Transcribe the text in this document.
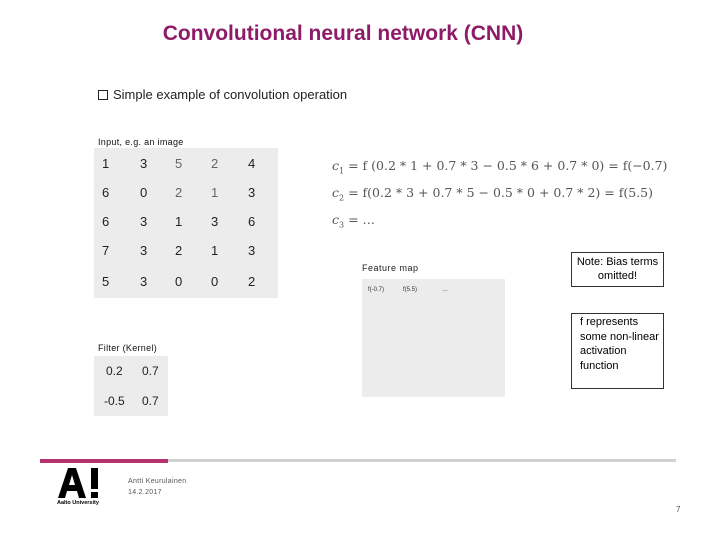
Convolutional neural network (CNN)
Simple example of convolution operation
Input, e.g. an image
1	3	5	2	4
6	0	2	1	3
6	3	1	3	6
7	3	2	1	3
5	3	0	0	2
$c_1 = f$ (0.2 * 1 + 0.7 * 3 − 0.5 * 6 + 0.7 * 0) = f(−0.7)
$c_2 = f(0.2 * 3 + 0.7 * 5 - 0.5 * 0 + 0.7 * 2) = f(5.5)$
$c_3$ = …
Feature map
f(-0.7)	f(5.5)	…
Note: Bias terms omitted!
f represents some non-linear activation function
Filter (Kernel)
0.2 0.7
-0.5 0.7
Aalto University
Antti Keurulainen
14.2.2017
7
